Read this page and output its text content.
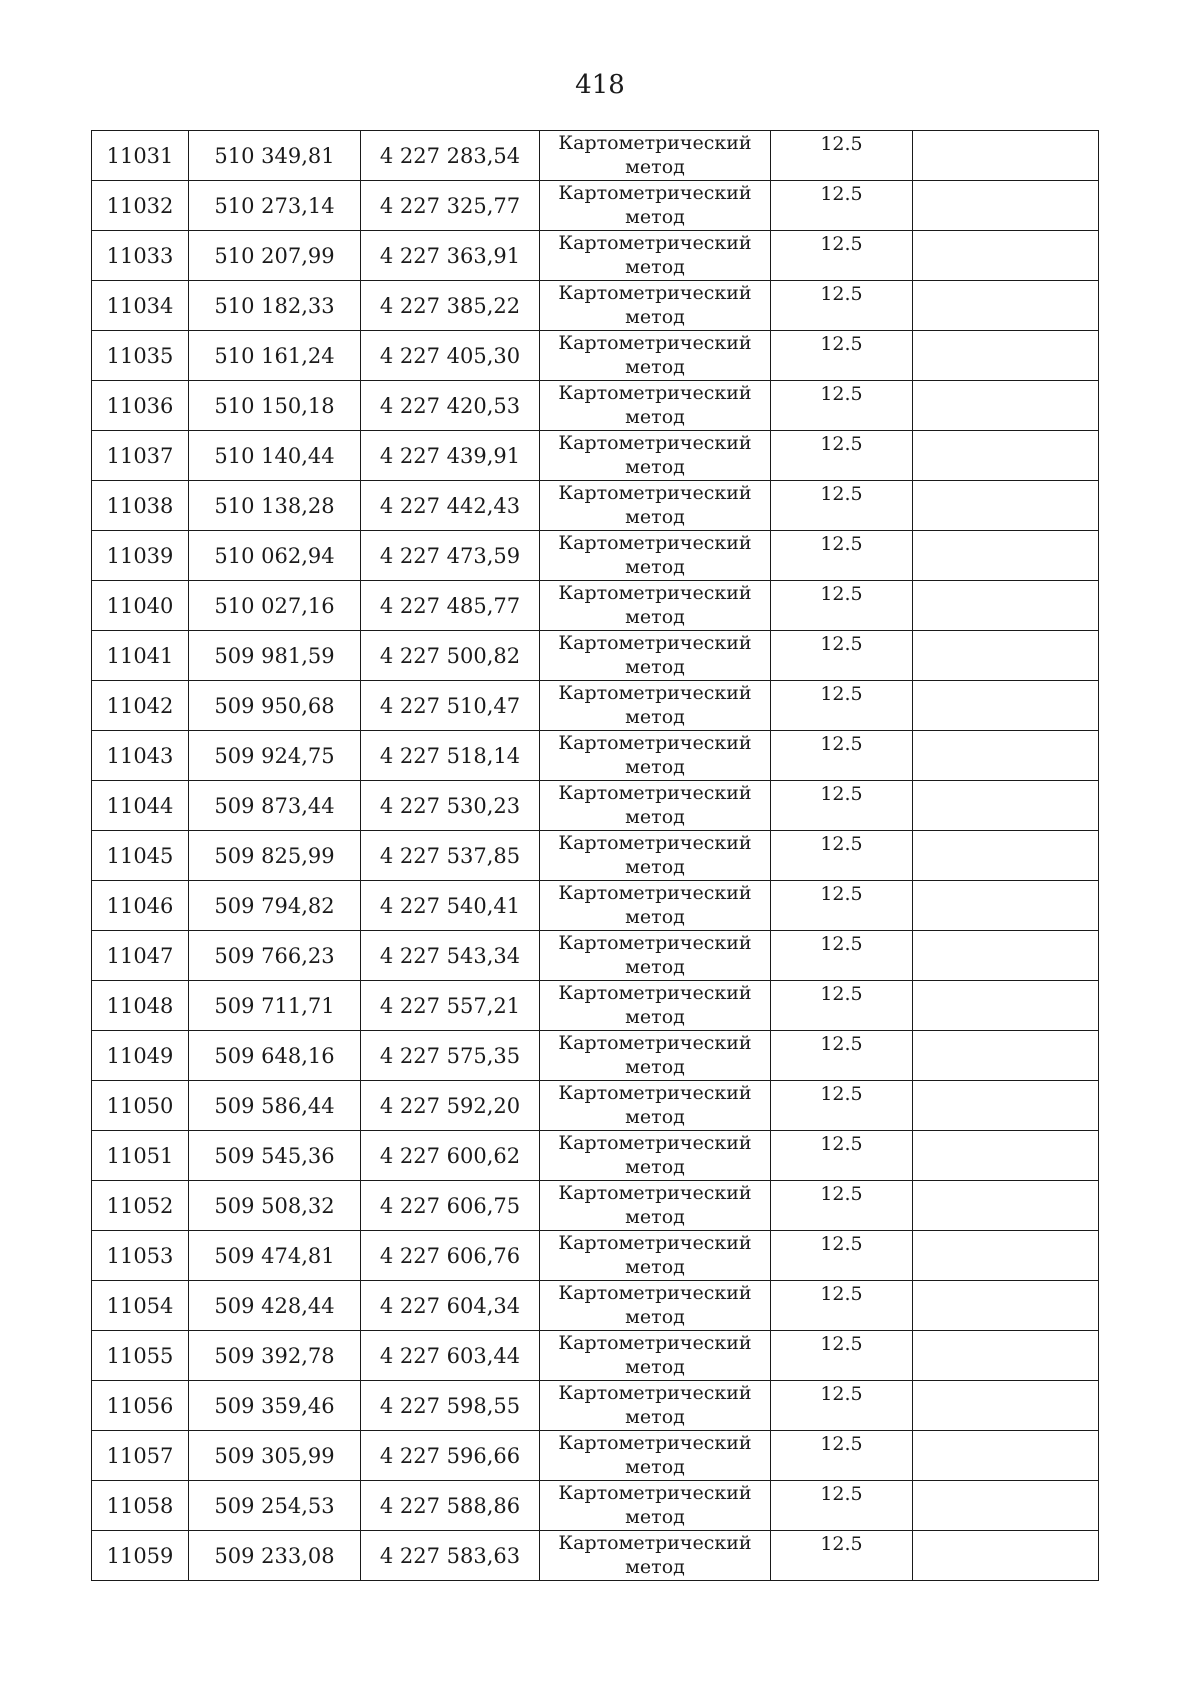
418
11031	510 349,81	4 227 283,54	Картометрический
метод	12.5	
11032	510 273,14	4 227 325,77	Картометрический
метод	12.5	
11033	510 207,99	4 227 363,91	Картометрический
метод	12.5	
11034	510 182,33	4 227 385,22	Картометрический
метод	12.5	
11035	510 161,24	4 227 405,30	Картометрический
метод	12.5	
11036	510 150,18	4 227 420,53	Картометрический
метод	12.5	
11037	510 140,44	4 227 439,91	Картометрический
метод	12.5	
11038	510 138,28	4 227 442,43	Картометрический
метод	12.5	
11039	510 062,94	4 227 473,59	Картометрический
метод	12.5	
11040	510 027,16	4 227 485,77	Картометрический
метод	12.5	
11041	509 981,59	4 227 500,82	Картометрический
метод	12.5	
11042	509 950,68	4 227 510,47	Картометрический
метод	12.5	
11043	509 924,75	4 227 518,14	Картометрический
метод	12.5	
11044	509 873,44	4 227 530,23	Картометрический
метод	12.5	
11045	509 825,99	4 227 537,85	Картометрический
метод	12.5	
11046	509 794,82	4 227 540,41	Картометрический
метод	12.5	
11047	509 766,23	4 227 543,34	Картометрический
метод	12.5	
11048	509 711,71	4 227 557,21	Картометрический
метод	12.5	
11049	509 648,16	4 227 575,35	Картометрический
метод	12.5	
11050	509 586,44	4 227 592,20	Картометрический
метод	12.5	
11051	509 545,36	4 227 600,62	Картометрический
метод	12.5	
11052	509 508,32	4 227 606,75	Картометрический
метод	12.5	
11053	509 474,81	4 227 606,76	Картометрический
метод	12.5	
11054	509 428,44	4 227 604,34	Картометрический
метод	12.5	
11055	509 392,78	4 227 603,44	Картометрический
метод	12.5	
11056	509 359,46	4 227 598,55	Картометрический
метод	12.5	
11057	509 305,99	4 227 596,66	Картометрический
метод	12.5	
11058	509 254,53	4 227 588,86	Картометрический
метод	12.5	
11059	509 233,08	4 227 583,63	Картометрический
метод	12.5	
